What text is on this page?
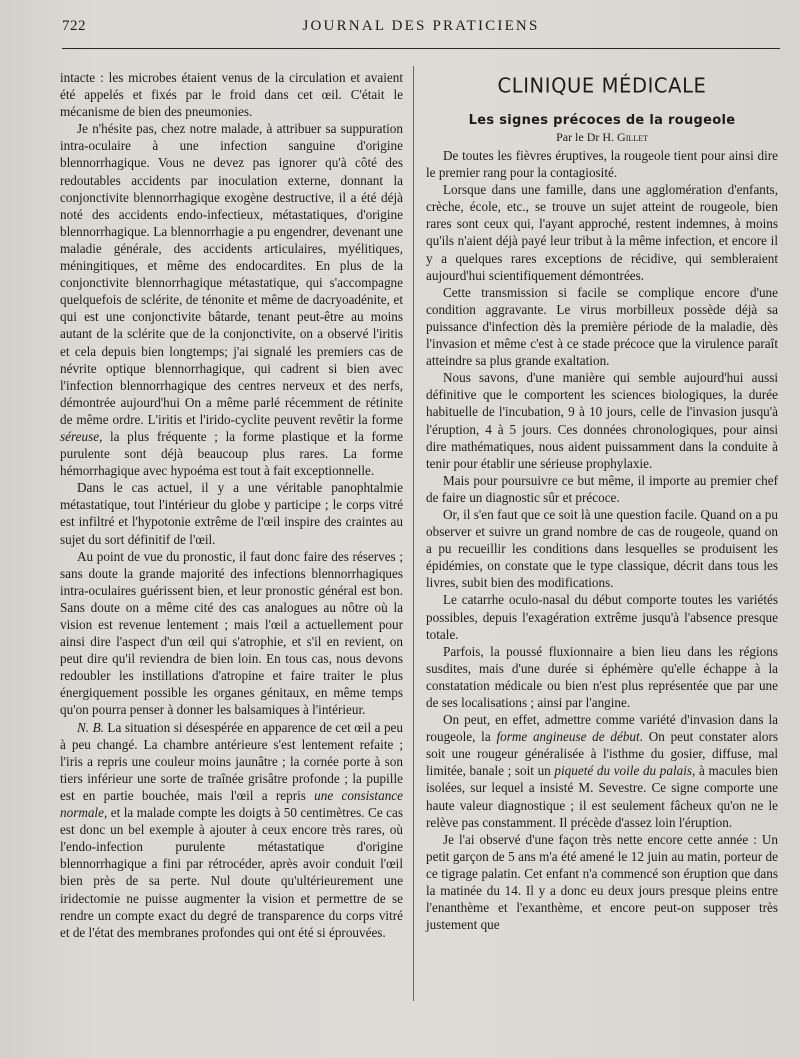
722	JOURNAL DES PRATICIENS

intacte : les microbes étaient venus de la circulation et avaient été appelés et fixés par le froid dans cet œil. C'était le mécanisme de bien des pneumonies.

Je n'hésite pas, chez notre malade, à attribuer sa suppuration intra-oculaire à une infection sanguine d'origine blennorrhagique. Vous ne devez pas ignorer qu'à côté des redoutables accidents par inoculation externe, donnant la conjonctivite blennorrhagique exogène destructive, il a été déjà noté des accidents endo-infectieux, métastatiques, d'origine blennorrhagique. La blennorrhagie a pu engendrer, devenant une maladie générale, des accidents articulaires, myélitiques, méningitiques, et même des endocardites. En plus de la conjonctivite blennorrhagique métastatique, qui s'accompagne quelquefois de sclérite, de ténonite et même de dacryoadénite, et qui est une conjonctivite bâtarde, tenant peut-être au moins autant de la sclérite que de la conjonctivite, on a observé l'iritis et cela depuis bien longtemps; j'ai signalé les premiers cas de névrite optique blennorrhagique, qui cadrent si bien avec l'infection blennorrhagique des centres nerveux et des nerfs, démontrée aujourd'hui On a même parlé récemment de rétinite de même ordre. L'iritis et l'irido-cyclite peuvent revêtir la forme séreuse, la plus fréquente ; la forme plastique et la forme purulente sont déjà beaucoup plus rares. La forme hémorrhagique avec hypoéma est tout à fait exceptionnelle.

Dans le cas actuel, il y a une véritable panophtalmie métastatique, tout l'intérieur du globe y participe ; le corps vitré est infiltré et l'hypotonie extrême de l'œil inspire des craintes au sujet du sort définitif de l'œil.

Au point de vue du pronostic, il faut donc faire des réserves ; sans doute la grande majorité des infections blennorrhagiques intra-oculaires guérissent bien, et leur pronostic général est bon. Sans doute on a même cité des cas analogues au nôtre où la vision est revenue lentement ; mais l'œil a actuellement pour ainsi dire l'aspect d'un œil qui s'atrophie, et s'il en revient, on peut dire qu'il reviendra de bien loin. En tous cas, nous devons redoubler les instillations d'atropine et faire traiter le plus énergiquement possible les organes génitaux, en même temps qu'on pourra penser à donner les balsamiques à l'intérieur.

N. B. La situation si désespérée en apparence de cet œil a peu à peu changé. La chambre antérieure s'est lentement refaite ; l'iris a repris une couleur moins jaunâtre ; la cornée porte à son tiers inférieur une sorte de traînée grisâtre profonde ; la pupille est en partie bouchée, mais l'œil a repris une consistance normale, et la malade compte les doigts à 50 centimètres. Ce cas est donc un bel exemple à ajouter à ceux encore très rares, où l'endo-infection purulente métastatique d'origine blennorrhagique a fini par rétrocéder, après avoir conduit l'œil bien près de sa perte. Nul doute qu'ultérieurement une iridectomie ne puisse augmenter la vision et permettre de se rendre un compte exact du degré de transparence du corps vitré et de l'état des membranes profondes qui ont été si éprouvées.

CLINIQUE MÉDICALE
Les signes précoces de la rougeole
Par le Dr H. Gillet

De toutes les fièvres éruptives, la rougeole tient pour ainsi dire le premier rang pour la contagiosité.

Lorsque dans une famille, dans une agglomération d'enfants, crèche, école, etc., se trouve un sujet atteint de rougeole, bien rares sont ceux qui, l'ayant approché, restent indemnes, à moins qu'ils n'aient déjà payé leur tribut à la même infection, et encore il y a quelques rares exceptions de récidive, qui sembleraient aujourd'hui scientifiquement démontrées.

Cette transmission si facile se complique encore d'une condition aggravante. Le virus morbilleux possède déjà sa puissance d'infection dès la première période de la maladie, dès l'invasion et même c'est à ce stade précoce que la virulence paraît atteindre sa plus grande exaltation.

Nous savons, d'une manière qui semble aujourd'hui aussi définitive que le comportent les sciences biologiques, la durée habituelle de l'incubation, 9 à 10 jours, celle de l'invasion jusqu'à l'éruption, 4 à 5 jours. Ces données chronologiques, pour ainsi dire mathématiques, nous aident puissamment dans la conduite à tenir pour établir une sérieuse prophylaxie.

Mais pour poursuivre ce but même, il importe au premier chef de faire un diagnostic sûr et précoce.

Or, il s'en faut que ce soit là une question facile. Quand on a pu observer et suivre un grand nombre de cas de rougeole, quand on a pu recueillir les conditions dans lesquelles se produisent les épidémies, on constate que le type classique, décrit dans tous les livres, subit bien des modifications.

Le catarrhe oculo-nasal du début comporte toutes les variétés possibles, depuis l'exagération extrême jusqu'à l'absence presque totale.

Parfois, la poussé fluxionnaire a bien lieu dans les régions susdites, mais d'une durée si éphémère qu'elle échappe à la constatation médicale ou bien n'est plus représentée que par une de ses localisations ; ainsi par l'angine.

On peut, en effet, admettre comme variété d'invasion dans la rougeole, la forme angineuse de début. On peut constater alors soit une rougeur généralisée à l'isthme du gosier, diffuse, mal limitée, banale ; soit un piqueté du voile du palais, à macules bien isolées, sur lequel a insisté M. Sevestre. Ce signe comporte une haute valeur diagnostique ; il est seulement fâcheux qu'on ne le relève pas constamment. Il précède d'assez loin l'éruption.

Je l'ai observé d'une façon très nette encore cette année : Un petit garçon de 5 ans m'a été amené le 12 juin au matin, porteur de ce tigrage palatin. Cet enfant n'a commencé son éruption que dans la matinée du 14. Il y a donc eu deux jours presque pleins entre l'enanthème et l'exanthème, et encore peut-on supposer très justement que
